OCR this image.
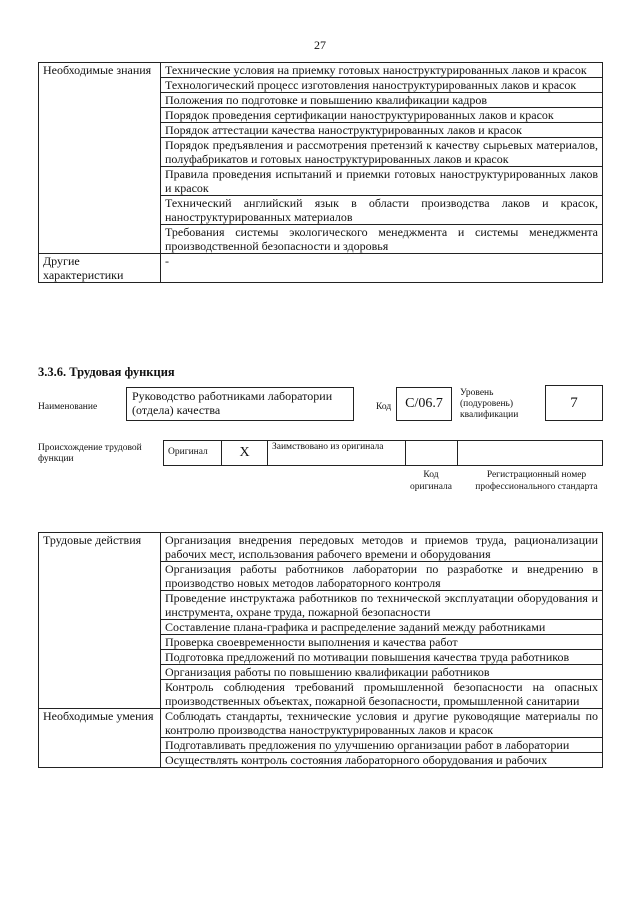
27
Необходимые знания	Технические условия на приемку готовых наноструктурированных лаков и красок
	Технологический процесс изготовления наноструктурированных лаков и красок
	Положения по подготовке и повышению квалификации кадров
	Порядок проведения сертификации наноструктурированных лаков и красок
	Порядок аттестации качества наноструктурированных лаков и красок
	Порядок предъявления и рассмотрения претензий к качеству сырьевых материалов, полуфабрикатов и готовых наноструктурированных лаков и красок
	Правила проведения испытаний и приемки готовых наноструктурированных лаков и красок
	Технический английский язык в области производства лаков и красок, наноструктурированных материалов
	Требования системы экологического менеджмента и системы менеджмента производственной безопасности и здоровья
Другие характеристики	-
3.3.6. Трудовая функция
Наименование
Руководство работниками лаборатории (отдела) качества	Код C/06.7
Уровень (подуровень) квалификации
7
Происхождение трудовой функции
Оригинал	X	Заимствовано из оригинала
Код оригинала
Регистрационный номер профессионального стандарта
Трудовые действия	Организация внедрения передовых методов и приемов труда, рационализации рабочих мест, использования рабочего времени и оборудования
	Организация работы работников лаборатории по разработке и внедрению в производство новых методов лабораторного контроля
	Проведение инструктажа работников по технической эксплуатации оборудования и инструмента, охране труда, пожарной безопасности
	Составление плана-графика и распределение заданий между работниками
	Проверка своевременности выполнения и качества работ
	Подготовка предложений по мотивации повышения качества труда работников
	Организация работы по повышению квалификации работников
	Контроль соблюдения требований промышленной безопасности на опасных производственных объектах, пожарной безопасности, промышленной санитарии
Необходимые умения	Соблюдать стандарты, технические условия и другие руководящие материалы по контролю производства наноструктурированных лаков и красок
	Подготавливать предложения по улучшению организации работ в лаборатории
	Осуществлять контроль состояния лабораторного оборудования и рабочих
